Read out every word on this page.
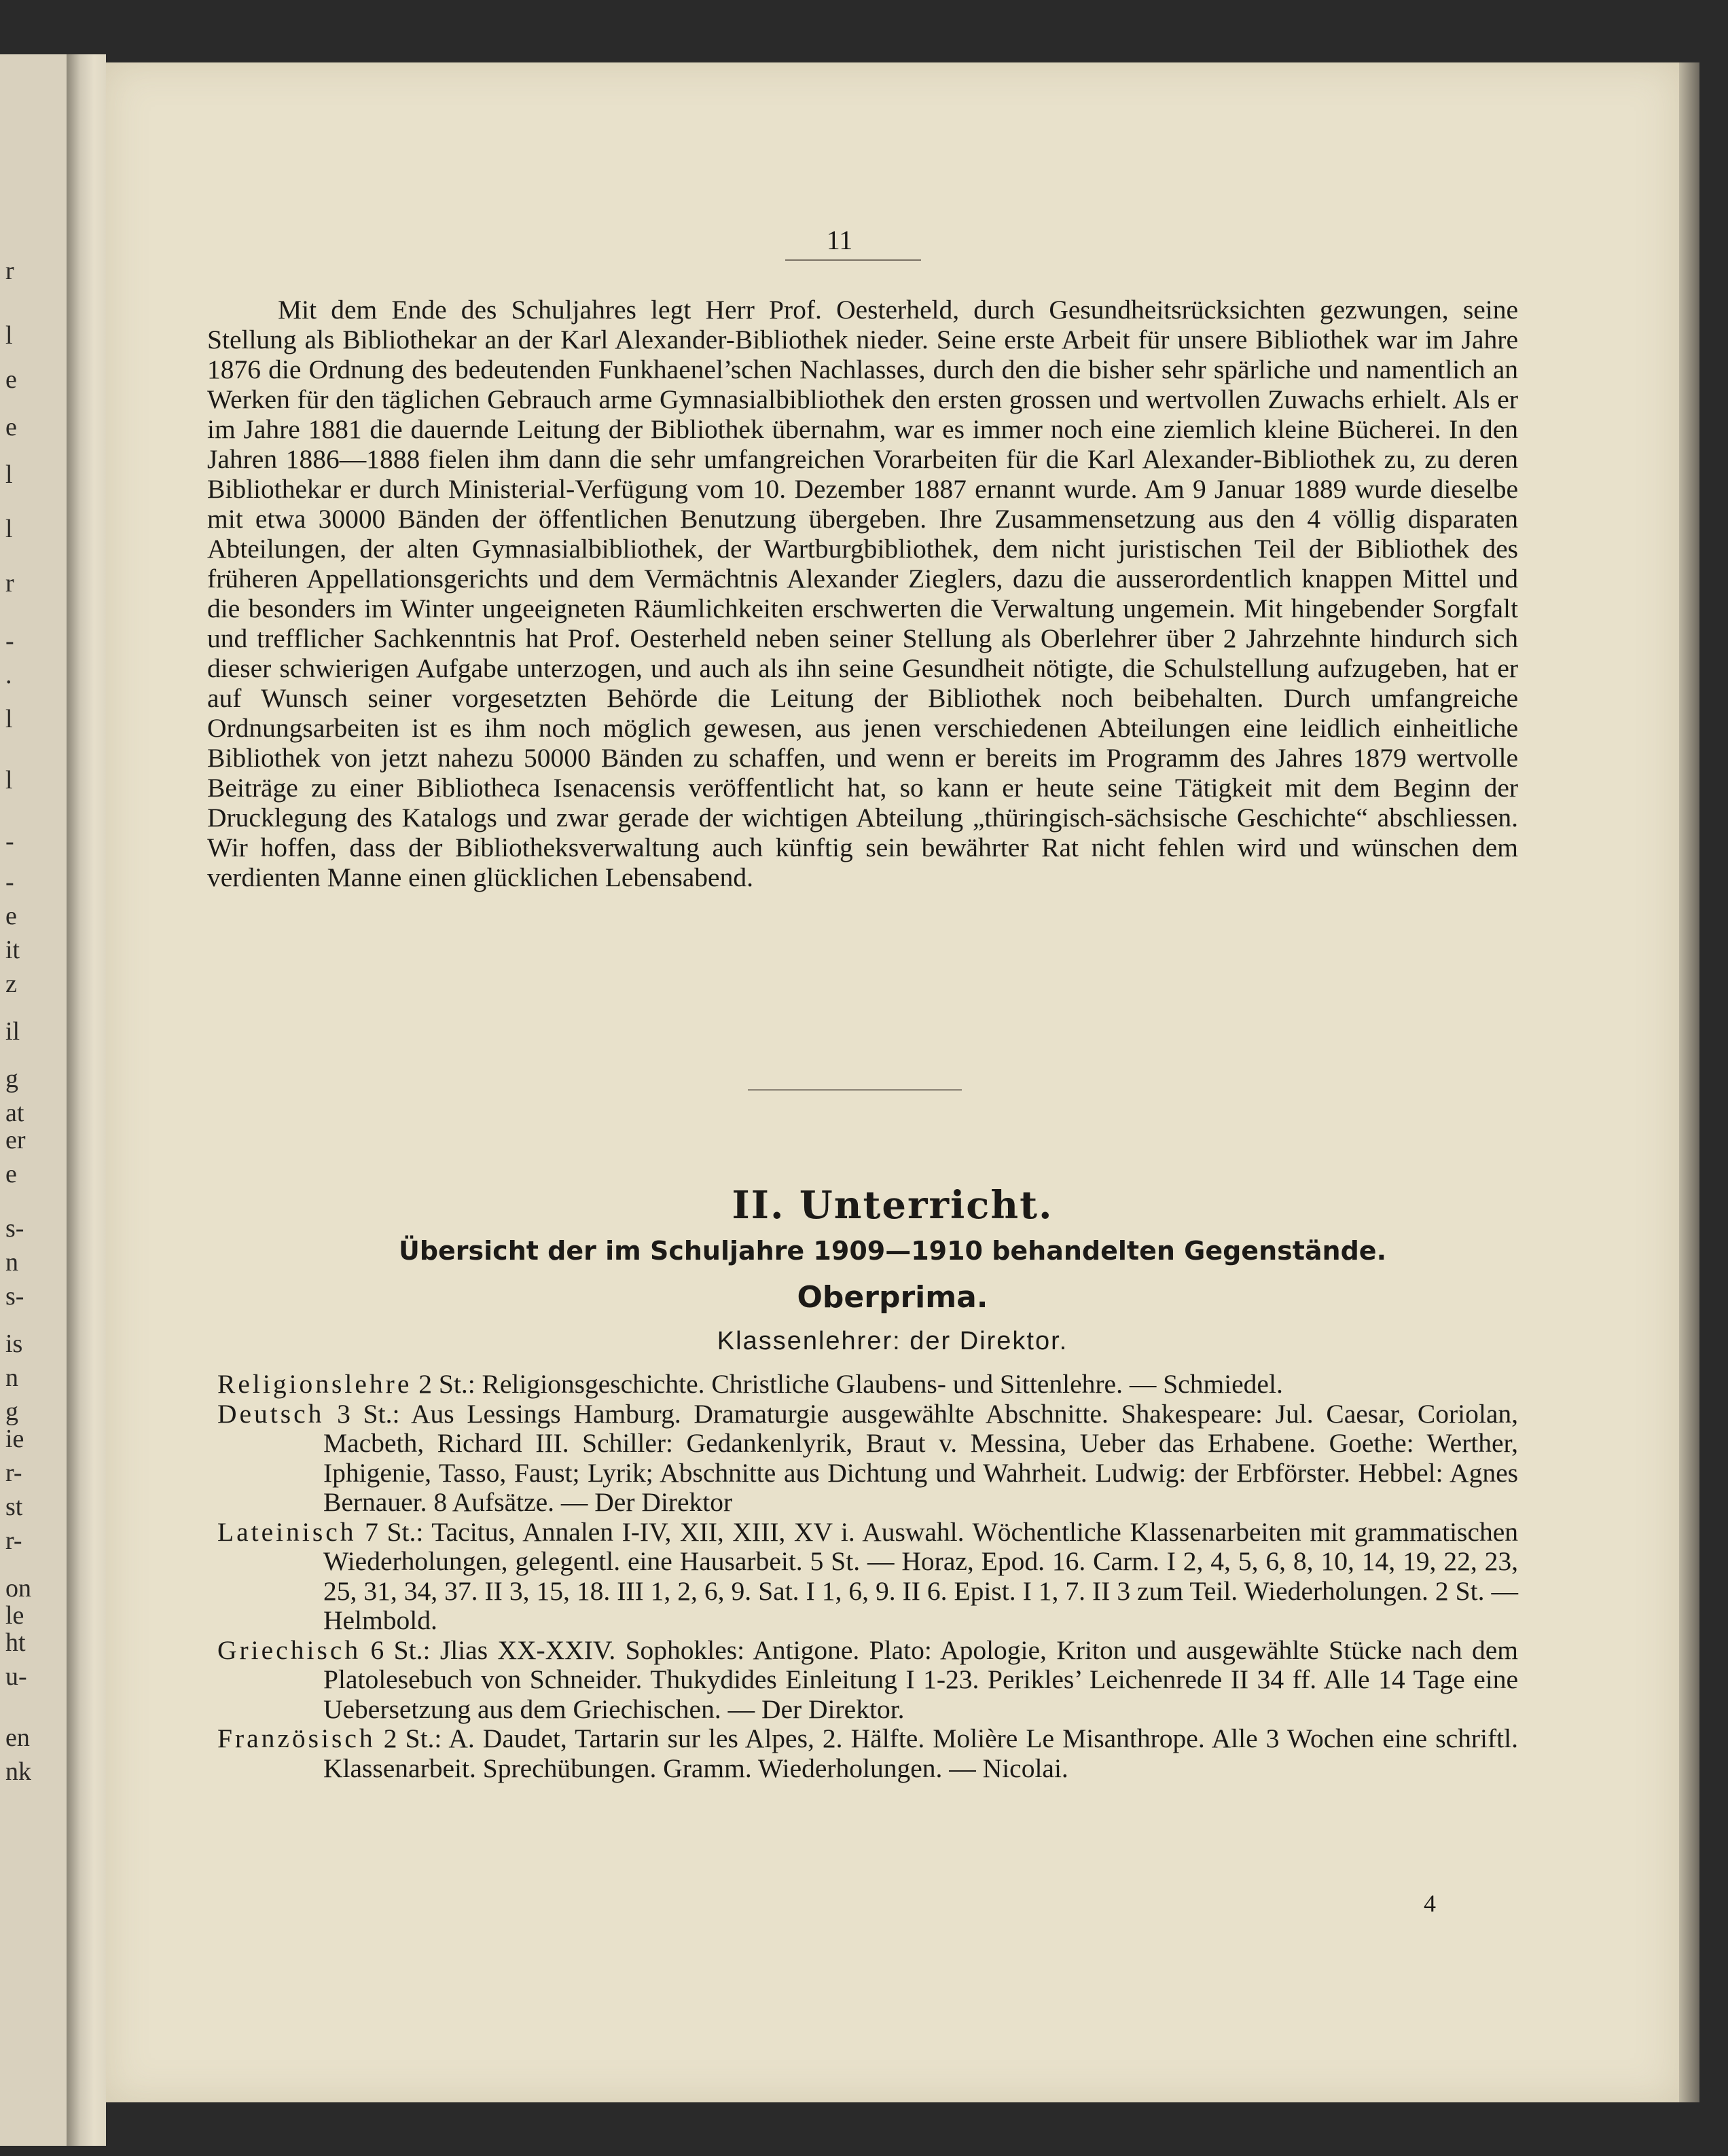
r
l
e
e
l
l
r
-
.
l
l
-
-
e
it
z
il
g
at
er
e
s-
n
s-
is
n
g
ie
r-
st
r-
on
le
ht
u-
en
nk
11

Mit dem Ende des Schuljahres legt Herr Prof. Oesterheld, durch Gesundheitsrücksichten gezwungen, seine Stellung als Bibliothekar an der Karl Alexander-Bibliothek nieder. Seine erste Arbeit für unsere Bibliothek war im Jahre 1876 die Ordnung des bedeutenden Funkhaenel’schen Nachlasses, durch den die bisher sehr spärliche und namentlich an Werken für den täglichen Gebrauch arme Gymnasialbibliothek den ersten grossen und wertvollen Zuwachs erhielt. Als er im Jahre 1881 die dauernde Leitung der Bibliothek übernahm, war es immer noch eine ziemlich kleine Bücherei. In den Jahren 1886—1888 fielen ihm dann die sehr umfangreichen Vorarbeiten für die Karl Alexander-Bibliothek zu, zu deren Bibliothekar er durch Ministerial-Verfügung vom 10. Dezember 1887 ernannt wurde. Am 9 Januar 1889 wurde dieselbe mit etwa 30000 Bänden der öffentlichen Benutzung übergeben. Ihre Zusammensetzung aus den 4 völlig disparaten Abteilungen, der alten Gymnasialbibliothek, der Wartburgbibliothek, dem nicht juristischen Teil der Bibliothek des früheren Appellationsgerichts und dem Vermächtnis Alexander Zieglers, dazu die ausserordentlich knappen Mittel und die besonders im Winter ungeeigneten Räumlichkeiten erschwerten die Verwaltung ungemein. Mit hingebender Sorgfalt und trefflicher Sachkenntnis hat Prof. Oesterheld neben seiner Stellung als Oberlehrer über 2 Jahrzehnte hindurch sich dieser schwierigen Aufgabe unterzogen, und auch als ihn seine Gesundheit nötigte, die Schulstellung aufzugeben, hat er auf Wunsch seiner vorgesetzten Behörde die Leitung der Bibliothek noch beibehalten. Durch umfangreiche Ordnungsarbeiten ist es ihm noch möglich gewesen, aus jenen verschiedenen Abteilungen eine leidlich einheitliche Bibliothek von jetzt nahezu 50000 Bänden zu schaffen, und wenn er bereits im Programm des Jahres 1879 wertvolle Beiträge zu einer Bibliotheca Isenacensis veröffentlicht hat, so kann er heute seine Tätigkeit mit dem Beginn der Drucklegung des Katalogs und zwar gerade der wichtigen Abteilung „thüringisch-sächsische Geschichte“ abschliessen. Wir hoffen, dass der Bibliotheksverwaltung auch künftig sein bewährter Rat nicht fehlen wird und wünschen dem verdienten Manne einen glücklichen Lebensabend.

II. Unterricht.
Übersicht der im Schuljahre 1909—1910 behandelten Gegenstände.
Oberprima.
Klassenlehrer: der Direktor.
Religionslehre 2 St.: Religionsgeschichte. Christliche Glaubens- und Sittenlehre. — Schmiedel.
Deutsch 3 St.: Aus Lessings Hamburg. Dramaturgie ausgewählte Abschnitte. Shakespeare: Jul. Caesar, Coriolan, Macbeth, Richard III. Schiller: Gedankenlyrik, Braut v. Messina, Ueber das Erhabene. Goethe: Werther, Iphigenie, Tasso, Faust; Lyrik; Abschnitte aus Dichtung und Wahrheit. Ludwig: der Erbförster. Hebbel: Agnes Bernauer. 8 Aufsätze. — Der Direktor
Lateinisch 7 St.: Tacitus, Annalen I-IV, XII, XIII, XV i. Auswahl. Wöchentliche Klassenarbeiten mit grammatischen Wiederholungen, gelegentl. eine Hausarbeit. 5 St. — Horaz, Epod. 16. Carm. I 2, 4, 5, 6, 8, 10, 14, 19, 22, 23, 25, 31, 34, 37. II 3, 15, 18. III 1, 2, 6, 9. Sat. I 1, 6, 9. II 6. Epist. I 1, 7. II 3 zum Teil. Wiederholungen. 2 St. — Helmbold.
Griechisch 6 St.: Jlias XX-XXIV. Sophokles: Antigone. Plato: Apologie, Kriton und ausgewählte Stücke nach dem Platolesebuch von Schneider. Thukydides Einleitung I 1-23. Perikles’ Leichenrede II 34 ff. Alle 14 Tage eine Uebersetzung aus dem Griechischen. — Der Direktor.
Französisch 2 St.: A. Daudet, Tartarin sur les Alpes, 2. Hälfte. Molière Le Misanthrope. Alle 3 Wochen eine schriftl. Klassenarbeit. Sprechübungen. Gramm. Wiederholungen. — Nicolai.
4
